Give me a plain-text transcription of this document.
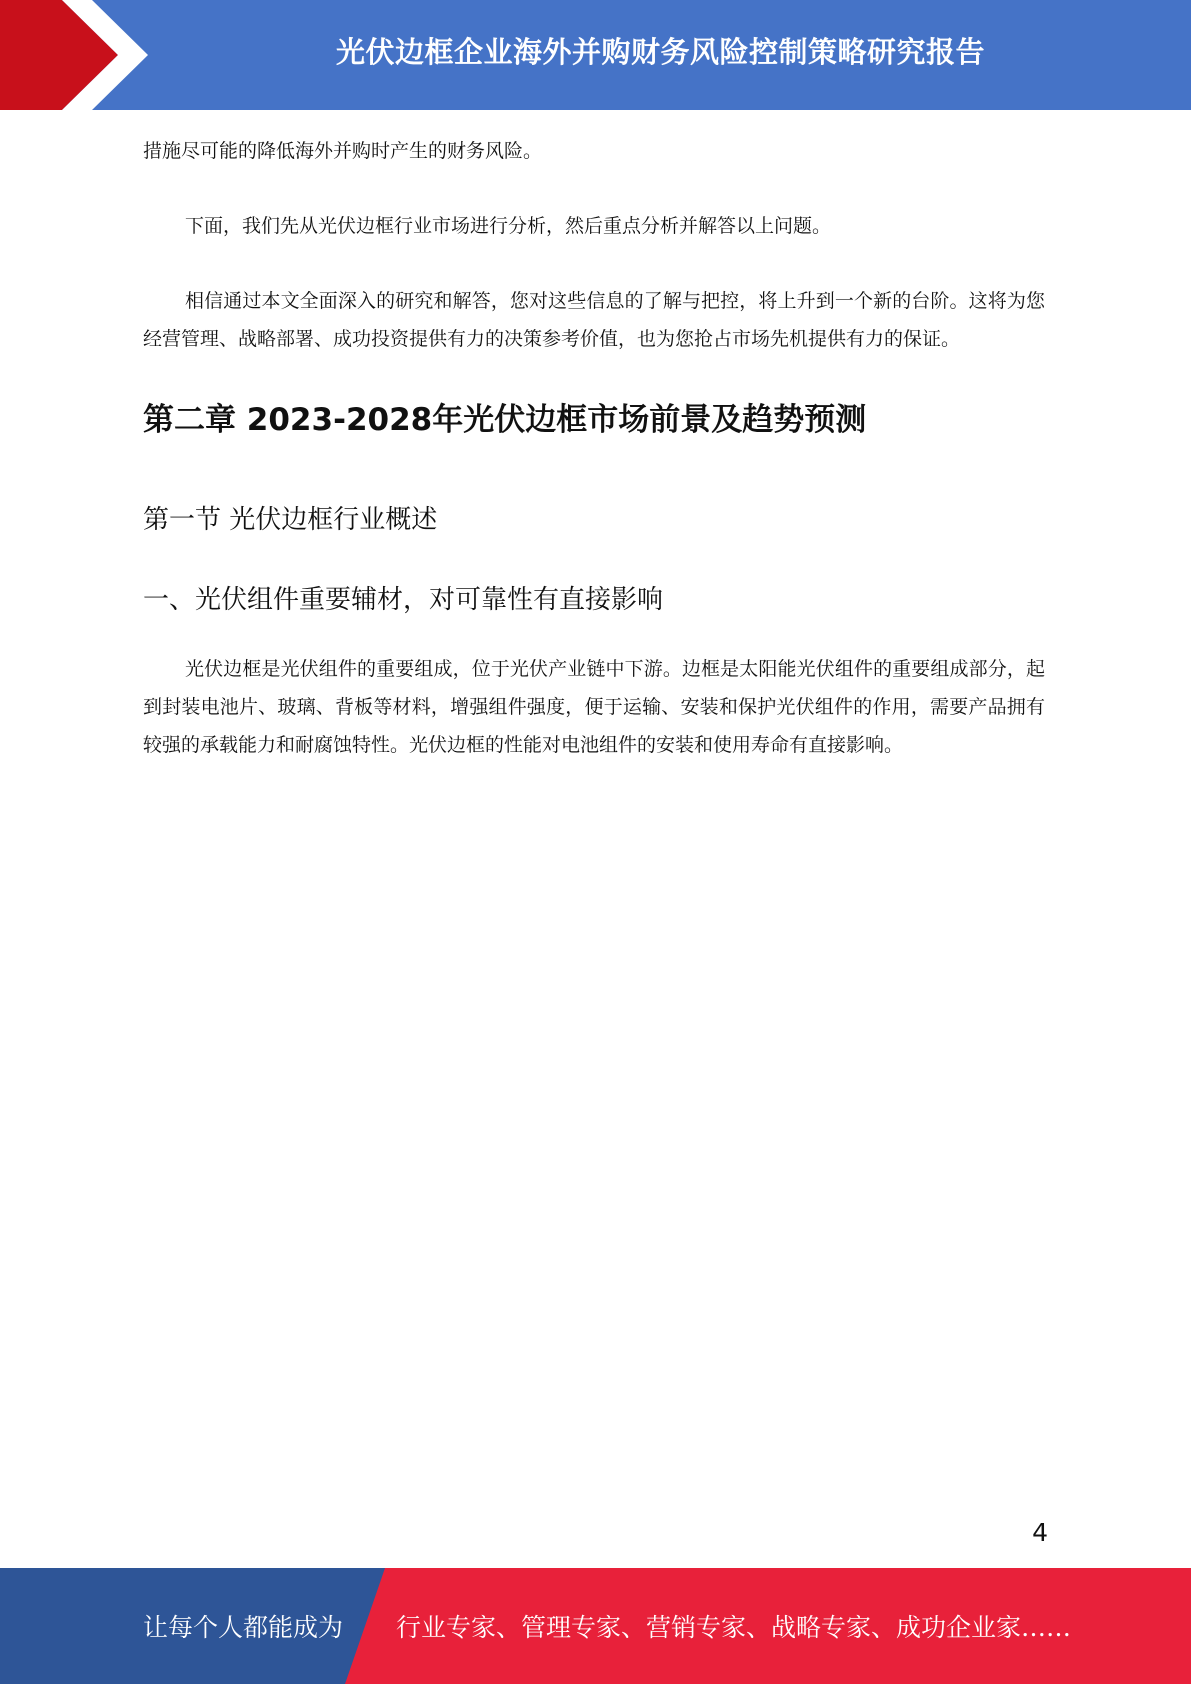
光伏边框企业海外并购财务风险控制策略研究报告

措施尽可能的降低海外并购时产生的财务风险。

下面，我们先从光伏边框行业市场进行分析，然后重点分析并解答以上问题。

相信通过本文全面深入的研究和解答，您对这些信息的了解与把控，将上升到一个新的台阶。这将为您经营管理、战略部署、成功投资提供有力的决策参考价值，也为您抢占市场先机提供有力的保证。

第二章 2023-2028年光伏边框市场前景及趋势预测
第一节 光伏边框行业概述
一、光伏组件重要辅材，对可靠性有直接影响

光伏边框是光伏组件的重要组成，位于光伏产业链中下游。边框是太阳能光伏组件的重要组成部分，起到封装电池片、玻璃、背板等材料，增强组件强度，便于运输、安装和保护光伏组件的作用，需要产品拥有较强的承载能力和耐腐蚀特性。光伏边框的性能对电池组件的安装和使用寿命有直接影响。

4
让每个人都能成为 行业专家、管理专家、营销专家、战略专家、成功企业家……
